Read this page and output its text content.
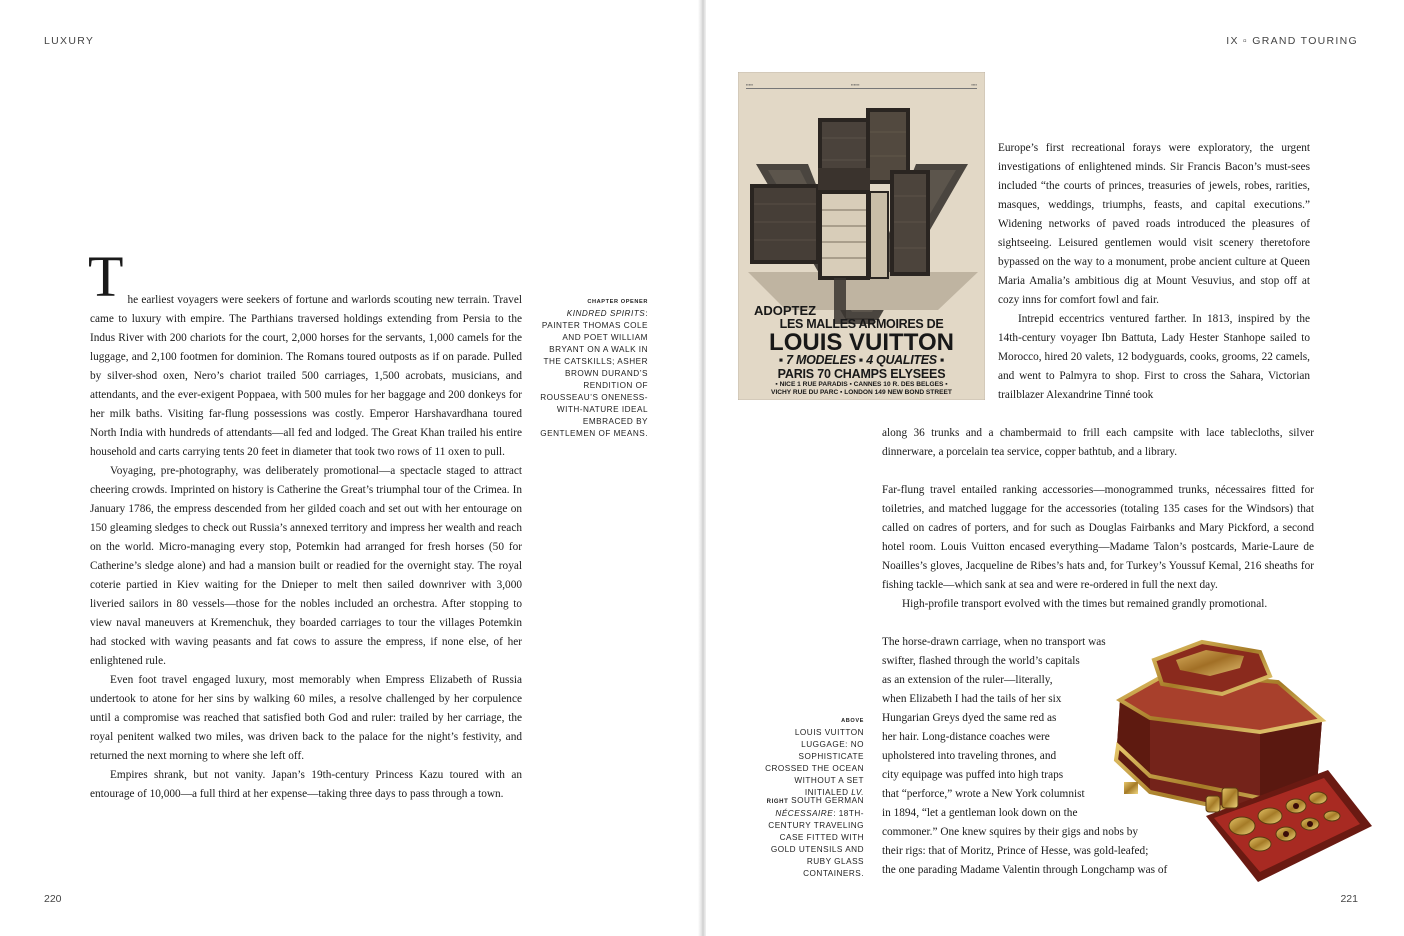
LUXURY

T he earliest voyagers were seekers of fortune and warlords scouting new terrain. Travel came to luxury with empire. The Parthians traversed holdings extending from Persia to the Indus River with 200 chariots for the court, 2,000 horses for the servants, 1,000 camels for the luggage, and 2,100 footmen for dominion. The Romans toured outposts as if on parade. Pulled by silver-shod oxen, Nero’s chariot trailed 500 carriages, 1,500 acrobats, musicians, and attendants, and the ever-exigent Poppaea, with 500 mules for her baggage and 200 donkeys for her milk baths. Visiting far-flung possessions was costly. Emperor Harshavardhana toured North India with hundreds of attendants—all fed and lodged. The Great Khan trailed his entire household and carts carrying tents 20 feet in diameter that took two rows of 11 oxen to pull.

Voyaging, pre-photography, was deliberately promotional—a spectacle staged to attract cheering crowds. Imprinted on history is Catherine the Great’s triumphal tour of the Crimea. In January 1786, the empress descended from her gilded coach and set out with her entourage on 150 gleaming sledges to check out Russia’s annexed territory and impress her wealth and reach on the world. Micro-managing every stop, Potemkin had arranged for fresh horses (50 for Catherine’s sledge alone) and had a mansion built or readied for the overnight stay. The royal coterie partied in Kiev waiting for the Dnieper to melt then sailed downriver with 3,000 liveried sailors in 80 vessels—those for the nobles included an orchestra. After stopping to view naval maneuvers at Kremenchuk, they boarded carriages to tour the villages Potemkin had stocked with waving peasants and fat cows to assure the empress, if none else, of her enlightened rule.

Even foot travel engaged luxury, most memorably when Empress Elizabeth of Russia undertook to atone for her sins by walking 60 miles, a resolve challenged by her corpulence until a compromise was reached that satisfied both God and ruler: trailed by her carriage, the royal penitent walked two miles, was driven back to the palace for the night’s festivity, and returned the next morning to where she left off.

Empires shrank, but not vanity. Japan’s 19th-century Princess Kazu toured with an entourage of 10,000—a full third at her expense—taking three days to pass through a town.

CHAPTER OPENER
KINDRED SPIRITS: PAINTER THOMAS COLE AND POET WILLIAM BRYANT ON A WALK IN THE CATSKILLS; ASHER BROWN DURAND’S RENDITION OF ROUSSEAU’S ONENESS-WITH-NATURE IDEAL EMBRACED BY GENTLEMEN OF MEANS.
220
IX ▫ GRAND TOURING
221
▪▪▪▪▪	▪▪▪▪▪▪	▪▪▪▪
ADOPTEZ
LES MALLES ARMOIRES DE
LOUIS VUITTON
▪ 7 MODELES ▪ 4 QUALITES ▪
PARIS 70 CHAMPS ELYSEES
▪ NICE 1 RUE PARADIS ▪ CANNES 10 R. DES BELGES ▪
VICHY RUE DU PARC ▪ LONDON 149 NEW BOND STREET

Europe’s first recreational forays were exploratory, the urgent investigations of enlightened minds. Sir Francis Bacon’s must-sees included “the courts of princes, treasuries of jewels, robes, rarities, masques, weddings, triumphs, feasts, and capital executions.” Widening networks of paved roads introduced the pleasures of sightseeing. Leisured gentlemen would visit scenery theretofore bypassed on the way to a monument, probe ancient culture at Queen Maria Amalia’s ambitious dig at Mount Vesuvius, and stop off at cozy inns for comfort fowl and fair.

Intrepid eccentrics ventured farther. In 1813, inspired by the 14th-century voyager Ibn Battuta, Lady Hester Stanhope sailed to Morocco, hired 20 valets, 12 bodyguards, cooks, grooms, 22 camels, and went to Palmyra to shop. First to cross the Sahara, Victorian trailblazer Alexandrine Tinné took

along 36 trunks and a chambermaid to frill each campsite with lace tablecloths, silver dinnerware, a porcelain tea service, copper bathtub, and a library.

Far-flung travel entailed ranking accessories—monogrammed trunks, nécessaires fitted for toiletries, and matched luggage for the accessories (totaling 135 cases for the Windsors) that called on cadres of porters, and for such as Douglas Fairbanks and Mary Pickford, a second hotel room. Louis Vuitton encased everything—Madame Talon’s postcards, Marie-Laure de Noailles’s gloves, Jacqueline de Ribes’s hats and, for Turkey’s Youssuf Kemal, 216 sheaths for fishing tackle—which sank at sea and were re-ordered in full the next day.

High-profile transport evolved with the times but remained grandly promotional.

The horse-drawn carriage, when no transport was
swifter, flashed through the world’s capitals
as an extension of the ruler—literally,
when Elizabeth I had the tails of her six
Hungarian Greys dyed the same red as
her hair. Long-distance coaches were
upholstered into traveling thrones, and
city equipage was puffed into high traps
that “perforce,” wrote a New York columnist
in 1894, “let a gentleman look down on the
commoner.” One knew squires by their gigs and nobs by
their rigs: that of Moritz, Prince of Hesse, was gold-leafed;
the one parading Madame Valentin through Longchamp was of
ABOVE
LOUIS VUITTON LUGGAGE: NO SOPHISTICATE CROSSED THE OCEAN WITHOUT A SET INITIALED LV.
RIGHT SOUTH GERMAN NÉCESSAIRE: 18TH-CENTURY TRAVELING CASE FITTED WITH GOLD UTENSILS AND RUBY GLASS CONTAINERS.
